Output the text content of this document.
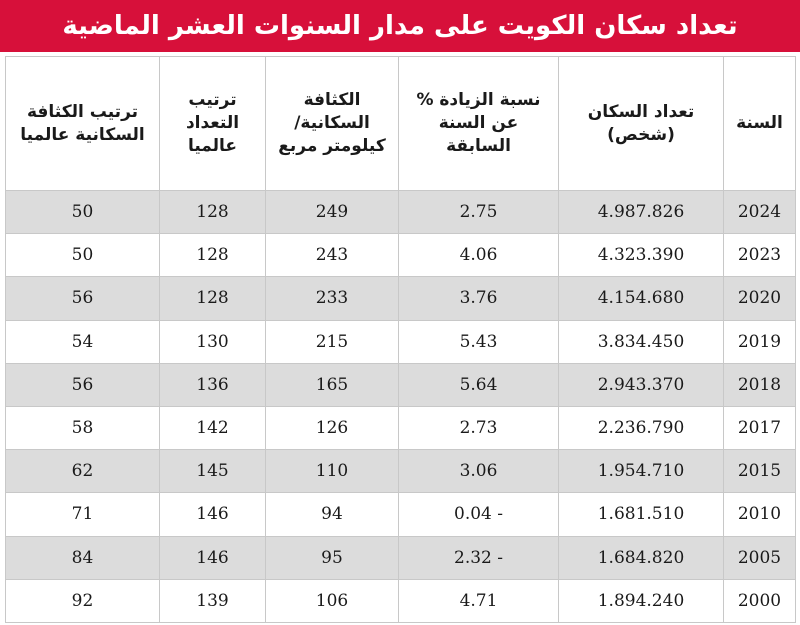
تعداد سكان الكويت على مدار السنوات العشر الماضية
السنة	تعداد السكان (شخص)	نسبة الزيادة % عن السنة السابقة	الكثافة السكانية/ كيلومتر مربع	ترتيب التعداد عالميا	ترتيب الكثافة السكانية عالميا
2024	4.987.826	2.75	249	128	50
2023	4.323.390	4.06	243	128	50
2020	4.154.680	3.76	233	128	56
2019	3.834.450	5.43	215	130	54
2018	2.943.370	5.64	165	136	56
2017	2.236.790	2.73	126	142	58
2015	1.954.710	3.06	110	145	62
2010	1.681.510	0.04 -	94	146	71
2005	1.684.820	2.32 -	95	146	84
2000	1.894.240	4.71	106	139	92
